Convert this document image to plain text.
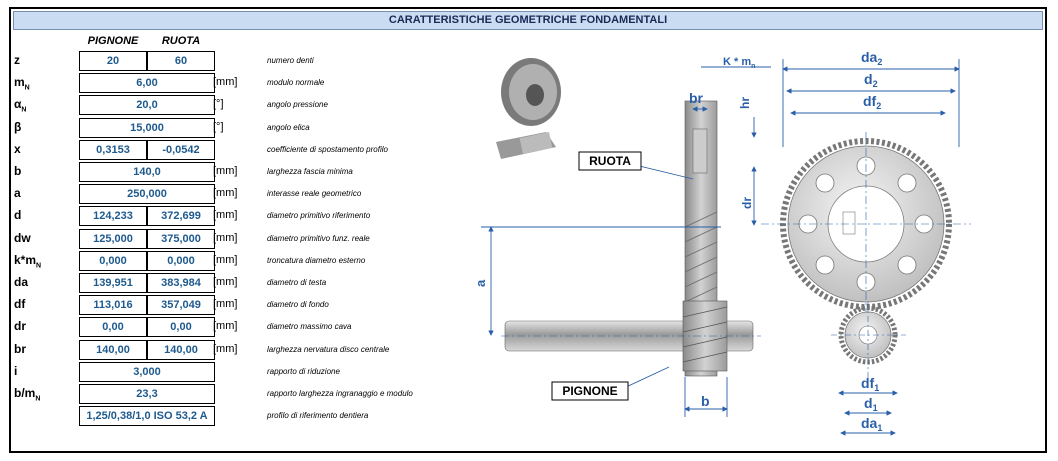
CARATTERISTICHE GEOMETRICHE FONDAMENTALI
PIGNONE	RUOTA
z	20	60	numero denti
$m_N$	6,00	[mm]	modulo normale
$\alpha_N$	20,0	[°]	angolo pressione
β	15,000	[°]	angolo elica
x	0,3153	-0,0542	coefficiente di spostamento profilo
b	140,0	[mm]	larghezza fascia minima
a	250,000	[mm]	interasse reale geometrico
d	124,233	372,699	[mm]	diametro primitivo riferimento
dw	125,000	375,000	[mm]	diametro primitivo funz. reale
$k*m_N$	0,000	0,000	[mm]	troncatura diametro esterno
da	139,951	383,984	[mm]	diametro di testa
df	113,016	357,049	[mm]	diametro di fondo
dr	0,00	0,00	[mm]	diametro massimo cava
br	140,00	140,00	[mm]	larghezza nervatura disco centrale
i	3,000	rapporto di riduzione
$b/m_N$	23,3	rapporto larghezza ingranaggio e modulo
1,25/0,38/1,0 ISO 53,2 A	profilo di riferimento dentiera
RUOTA
PIGNONE
K * $m_n$
$da_2$
$d_2$
$df_2$
$df_1$
$d_1$
$da_1$
br	hr
dr
a
b
